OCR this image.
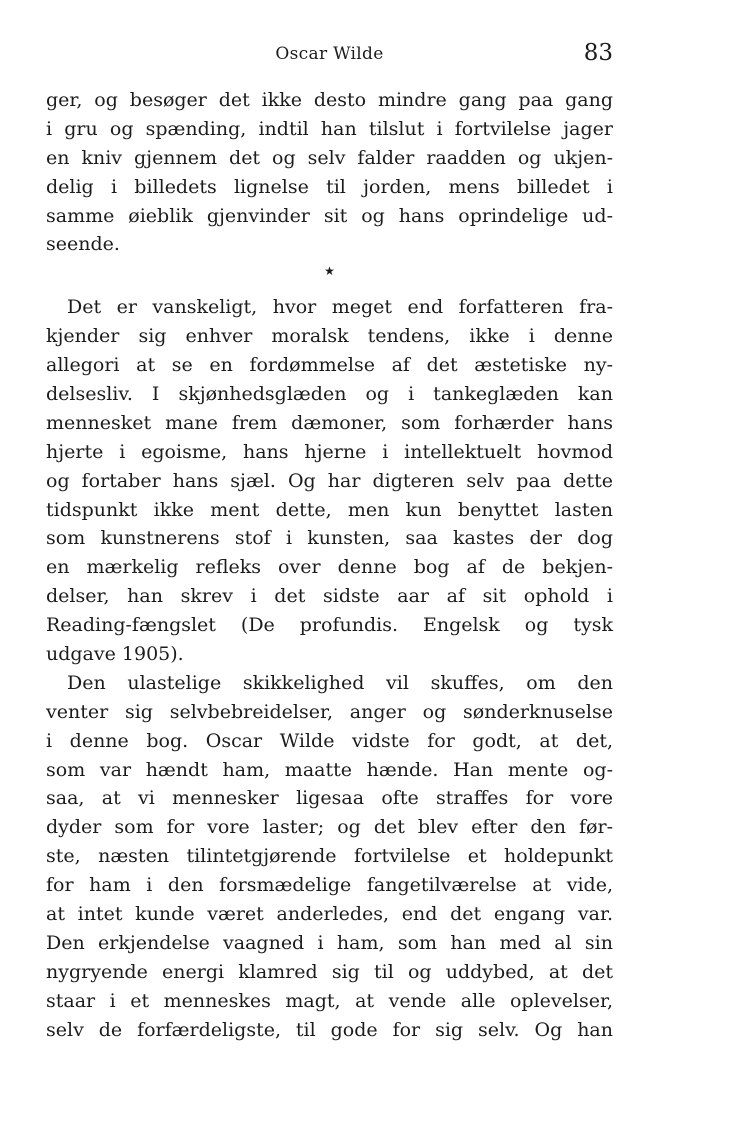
Oscar Wilde	83
ger, og besøger det ikke desto mindre gang paa gang
i gru og spænding, indtil han tilslut i fortvilelse jager
en kniv gjennem det og selv falder raadden og ukjen-
delig i billedets lignelse til jorden, mens billedet i
samme øieblik gjenvinder sit og hans oprindelige ud-
seende.
★
Det er vanskeligt, hvor meget end forfatteren fra-
kjender sig enhver moralsk tendens, ikke i denne
allegori at se en fordømmelse af det æstetiske ny-
delsesliv. I skjønhedsglæden og i tankeglæden kan
mennesket mane frem dæmoner, som forhærder hans
hjerte i egoisme, hans hjerne i intellektuelt hovmod
og fortaber hans sjæl. Og har digteren selv paa dette
tidspunkt ikke ment dette, men kun benyttet lasten
som kunstnerens stof i kunsten, saa kastes der dog
en mærkelig refleks over denne bog af de bekjen-
delser, han skrev i det sidste aar af sit ophold i
Reading-fængslet (De profundis. Engelsk og tysk
udgave 1905).
Den ulastelige skikkelighed vil skuffes, om den
venter sig selvbebreidelser, anger og sønderknuselse
i denne bog. Oscar Wilde vidste for godt, at det,
som var hændt ham, maatte hænde. Han mente og-
saa, at vi mennesker ligesaa ofte straffes for vore
dyder som for vore laster; og det blev efter den før-
ste, næsten tilintetgjørende fortvilelse et holdepunkt
for ham i den forsmædelige fangetilværelse at vide,
at intet kunde været anderledes, end det engang var.
Den erkjendelse vaagned i ham, som han med al sin
nygryende energi klamred sig til og uddybed, at det
staar i et menneskes magt, at vende alle oplevelser,
selv de forfærdeligste, til gode for sig selv. Og han
